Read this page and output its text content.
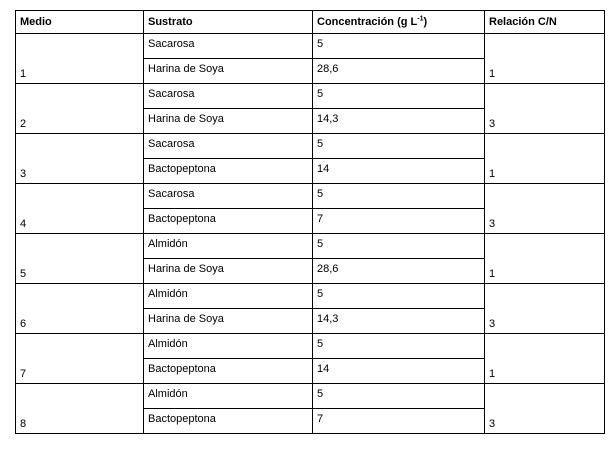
Medio	Sustrato	Concentración (g $L^{-1}$)	Relación C/N
1	Sacarosa	5	1
	Harina de Soya	28,6	
2	Sacarosa	5	3
	Harina de Soya	14,3	
3	Sacarosa	5	1
	Bactopeptona	14	
4	Sacarosa	5	3
	Bactopeptona	7	
5	Almidón	5	1
	Harina de Soya	28,6	
6	Almidón	5	3
	Harina de Soya	14,3	
7	Almidón	5	1
	Bactopeptona	14	
8	Almidón	5	3
	Bactopeptona	7	
